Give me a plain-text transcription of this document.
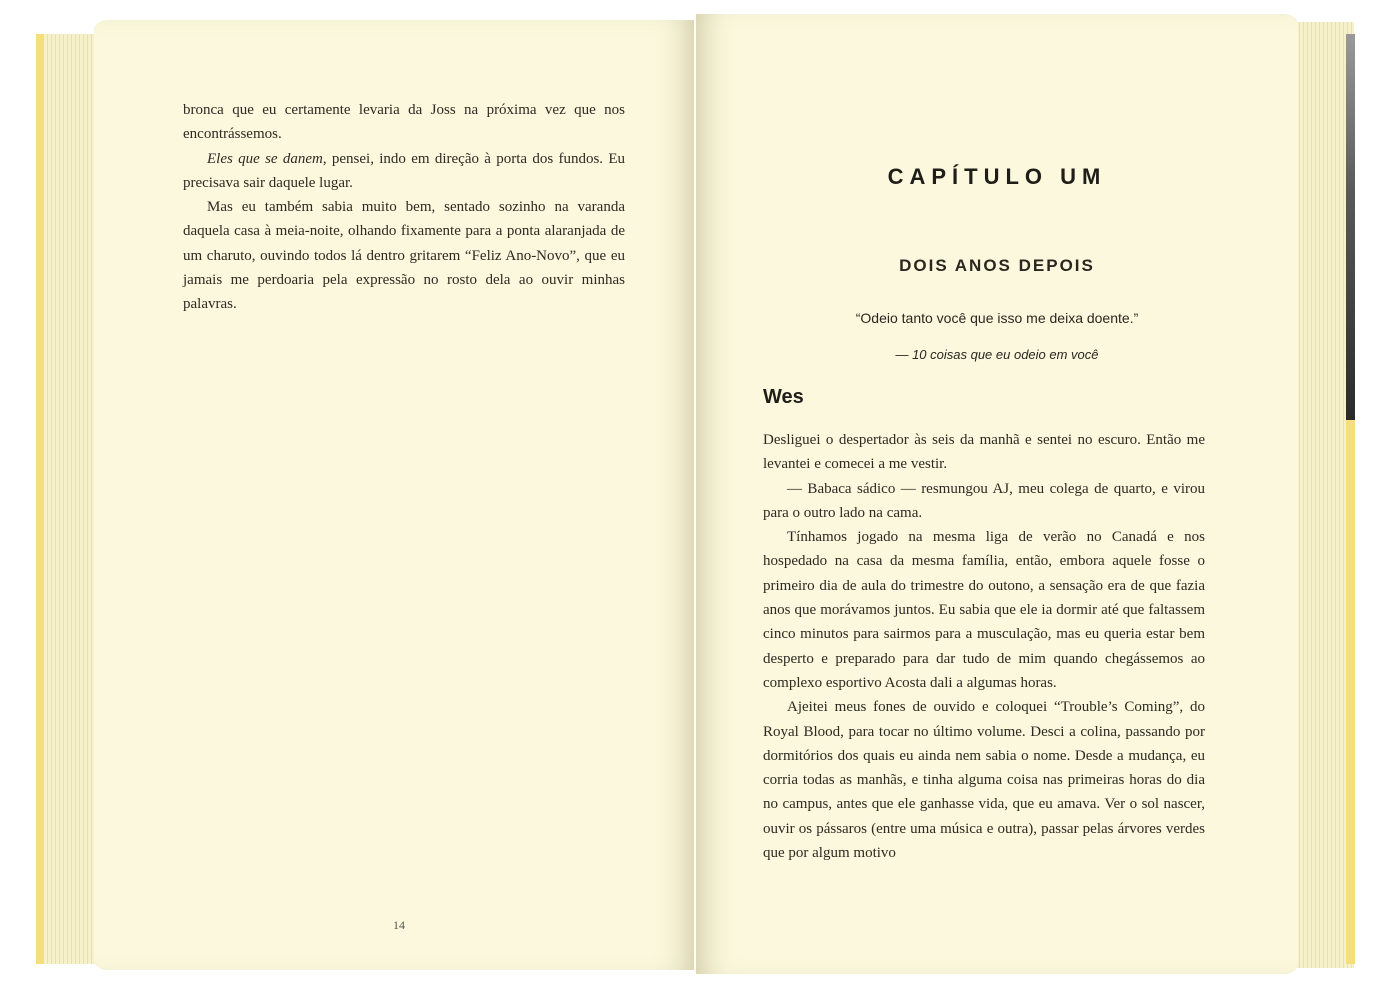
bronca que eu certamente levaria da Joss na próxima vez que nos encontrássemos.

Eles que se danem, pensei, indo em direção à porta dos fundos. Eu precisava sair daquele lugar.

Mas eu também sabia muito bem, sentado sozinho na varanda daquela casa à meia-noite, olhando fixamente para a ponta alaranjada de um charuto, ouvindo todos lá dentro gritarem “Feliz Ano-Novo”, que eu jamais me perdoaria pela expressão no rosto dela ao ouvir minhas palavras.

14
CAPÍTULO UM
DOIS ANOS DEPOIS
“Odeio tanto você que isso me deixa doente.”
— 10 coisas que eu odeio em você
Wes

Desliguei o despertador às seis da manhã e sentei no escuro. Então me levantei e comecei a me vestir.

— Babaca sádico — resmungou AJ, meu colega de quarto, e virou para o outro lado na cama.

Tínhamos jogado na mesma liga de verão no Canadá e nos hospedado na casa da mesma família, então, embora aquele fosse o primeiro dia de aula do trimestre do outono, a sensação era de que fazia anos que morávamos juntos. Eu sabia que ele ia dormir até que faltassem cinco minutos para sairmos para a musculação, mas eu queria estar bem desperto e preparado para dar tudo de mim quando chegássemos ao complexo esportivo Acosta dali a algumas horas.

Ajeitei meus fones de ouvido e coloquei “Trouble’s Coming”, do Royal Blood, para tocar no último volume. Desci a colina, passando por dormitórios dos quais eu ainda nem sabia o nome. Desde a mudança, eu corria todas as manhãs, e tinha alguma coisa nas primeiras horas do dia no campus, antes que ele ganhasse vida, que eu amava. Ver o sol nascer, ouvir os pássaros (entre uma música e outra), passar pelas árvores verdes que por algum motivo
